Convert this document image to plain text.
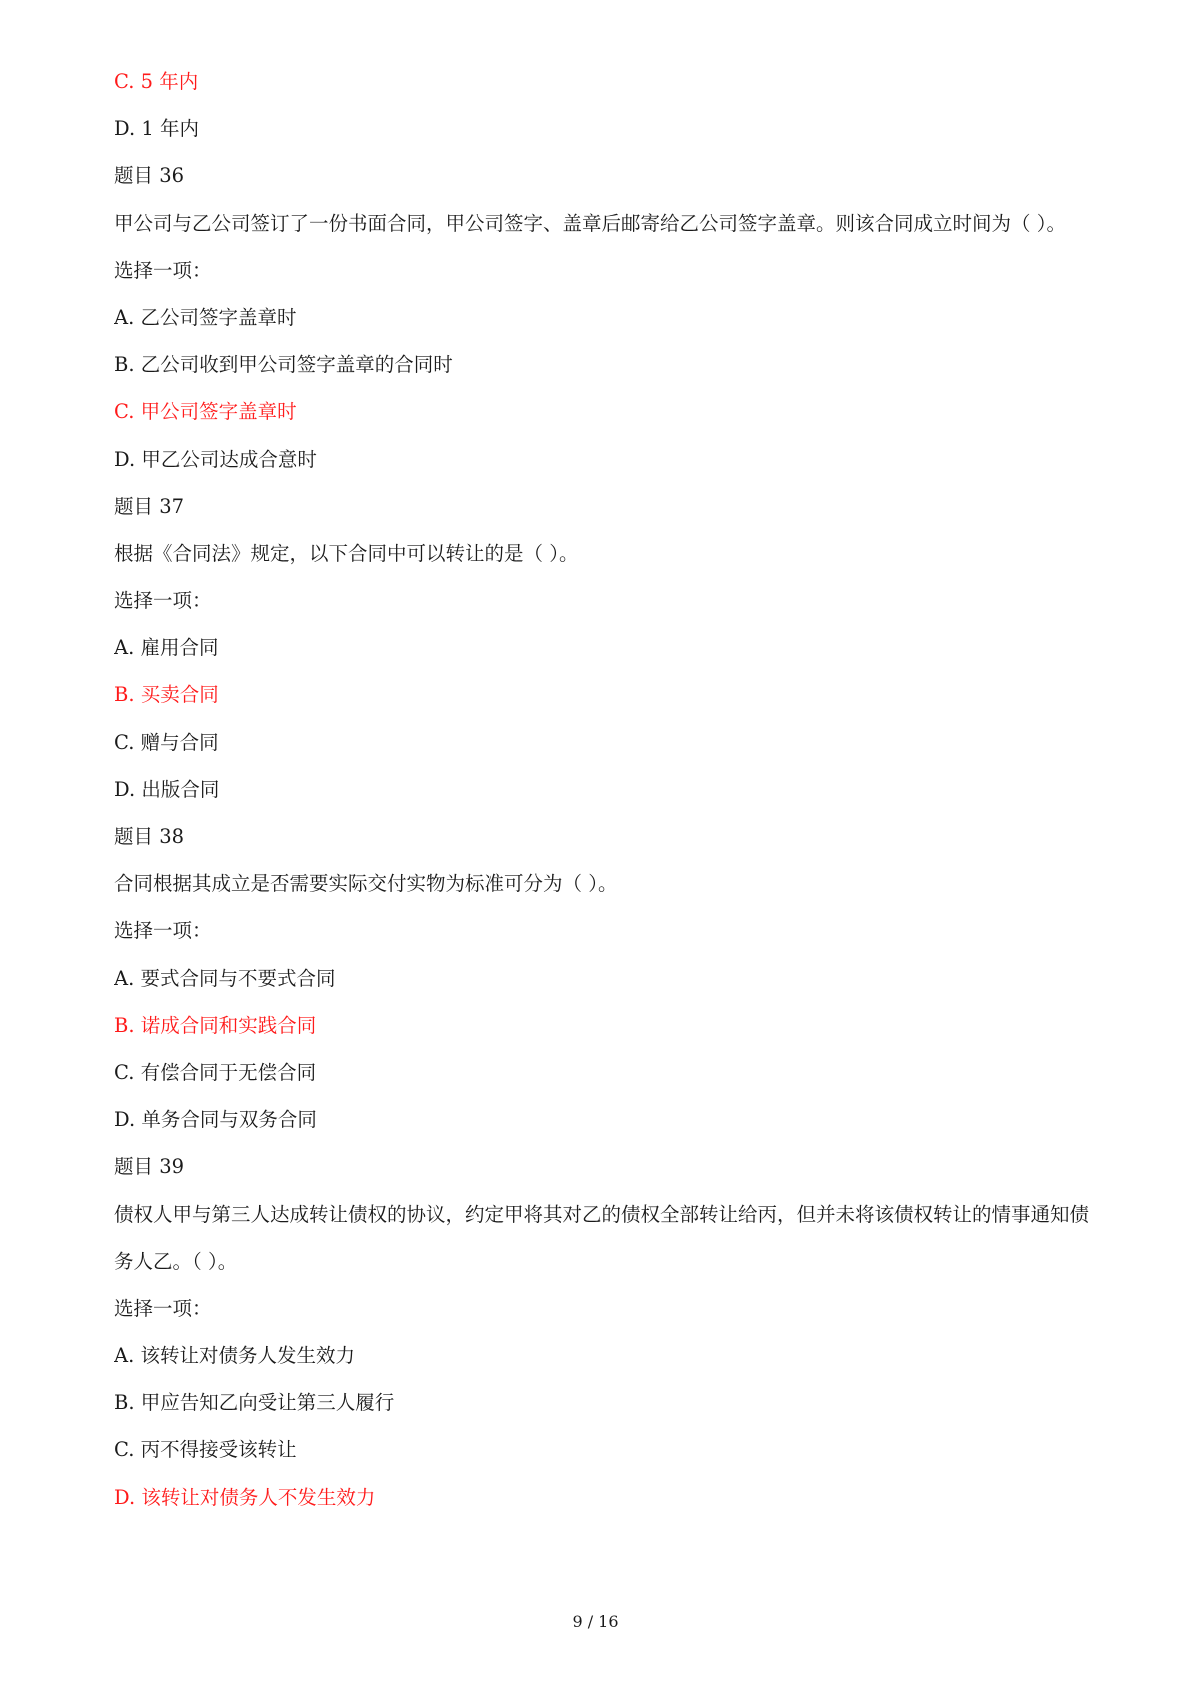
C. 5 年内
D. 1 年内
题目 36
甲公司与乙公司签订了一份书面合同，甲公司签字、盖章后邮寄给乙公司签字盖章。则该合同成立时间为（ ）。
选择一项：
A. 乙公司签字盖章时
B. 乙公司收到甲公司签字盖章的合同时
C. 甲公司签字盖章时
D. 甲乙公司达成合意时
题目 37
根据《合同法》规定，以下合同中可以转让的是（ ）。
选择一项：
A. 雇用合同
B. 买卖合同
C. 赠与合同
D. 出版合同
题目 38
合同根据其成立是否需要实际交付实物为标准可分为（ ）。
选择一项：
A. 要式合同与不要式合同
B. 诺成合同和实践合同
C. 有偿合同于无偿合同
D. 单务合同与双务合同
题目 39
债权人甲与第三人达成转让债权的协议，约定甲将其对乙的债权全部转让给丙，但并未将该债权转让的情事通知债务人乙。（ ）。
选择一项：
A. 该转让对债务人发生效力
B. 甲应告知乙向受让第三人履行
C. 丙不得接受该转让
D. 该转让对债务人不发生效力
9 / 16
